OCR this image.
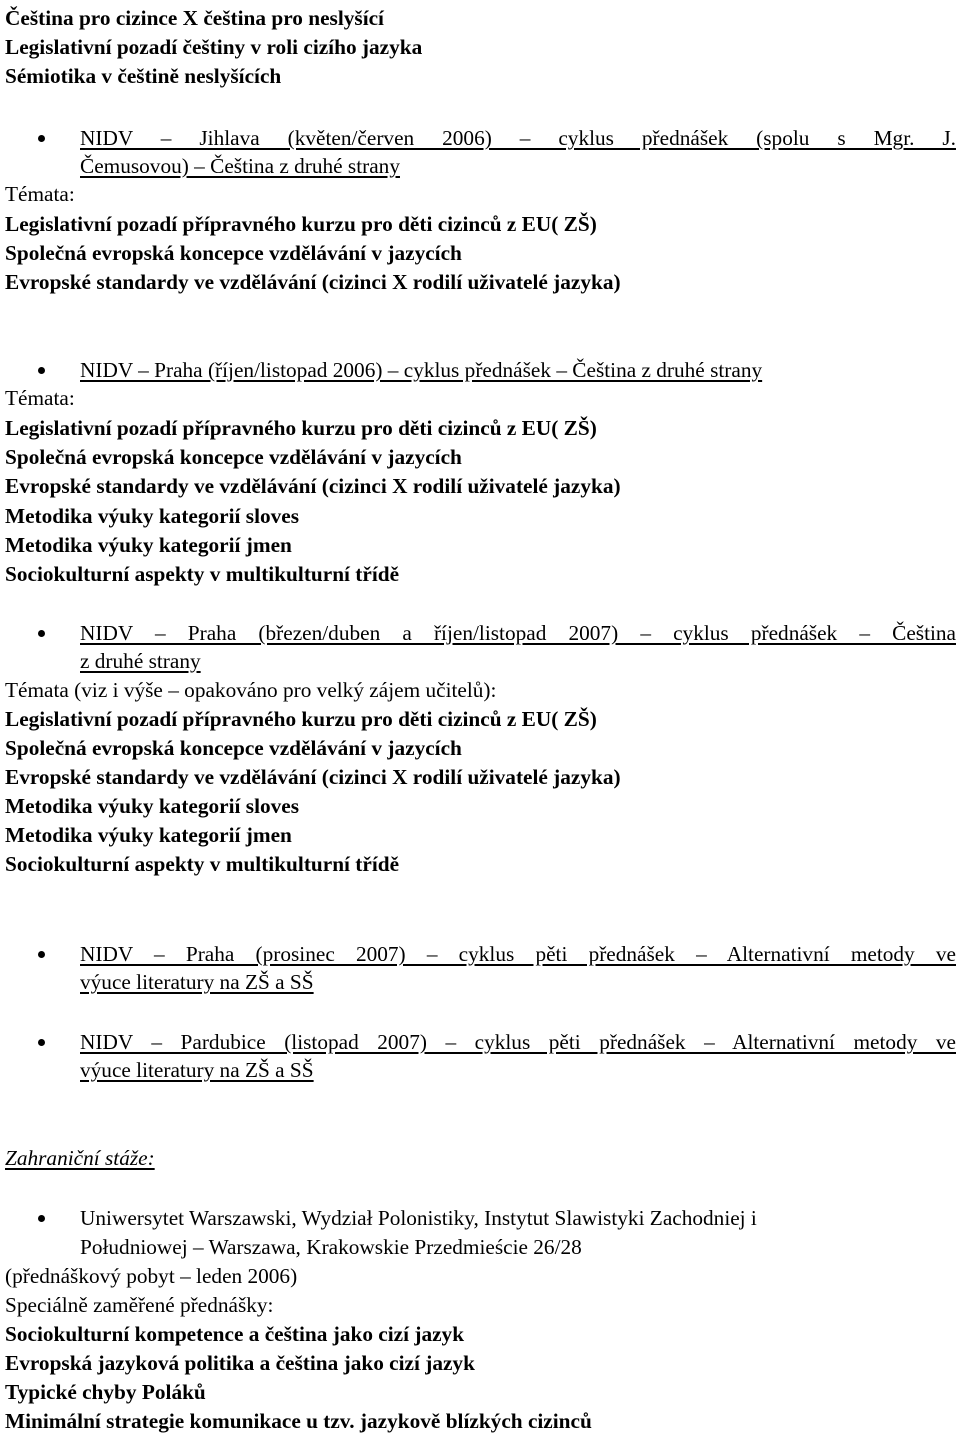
Čeština pro cizince X čeština pro neslyšící
Legislativní pozadí češtiny v roli cizího jazyka
Sémiotika v češtině neslyšících
NIDV – Jihlava (květen/červen 2006) – cyklus přednášek (spolu s Mgr. J.
Čemusovou) – Čeština z druhé strany
Témata:
Legislativní pozadí přípravného kurzu pro děti cizinců z EU( ZŠ)
Společná evropská koncepce vzdělávání v jazycích
Evropské standardy ve vzdělávání (cizinci X rodilí uživatelé jazyka)
NIDV – Praha (říjen/listopad 2006) – cyklus přednášek – Čeština z druhé strany
Témata:
Legislativní pozadí přípravného kurzu pro děti cizinců z EU( ZŠ)
Společná evropská koncepce vzdělávání v jazycích
Evropské standardy ve vzdělávání (cizinci X rodilí uživatelé jazyka)
Metodika výuky kategorií sloves
Metodika výuky kategorií jmen
Sociokulturní aspekty v multikulturní třídě
NIDV – Praha (březen/duben a říjen/listopad 2007) – cyklus přednášek – Čeština
z druhé strany
Témata (viz i výše – opakováno pro velký zájem učitelů):
Legislativní pozadí přípravného kurzu pro děti cizinců z EU( ZŠ)
Společná evropská koncepce vzdělávání v jazycích
Evropské standardy ve vzdělávání (cizinci X rodilí uživatelé jazyka)
Metodika výuky kategorií sloves
Metodika výuky kategorií jmen
Sociokulturní aspekty v multikulturní třídě
NIDV – Praha (prosinec 2007) – cyklus pěti přednášek – Alternativní metody ve
výuce literatury na ZŠ a SŠ
NIDV – Pardubice (listopad 2007) – cyklus pěti přednášek – Alternativní metody ve
výuce literatury na ZŠ a SŠ
Zahraniční stáže:
Uniwersytet Warszawski, Wydział Polonistiky, Instytut Slawistyki Zachodniej i
Południowej – Warszawa, Krakowskie Przedmieście 26/28
(přednáškový pobyt – leden 2006)
Speciálně zaměřené přednášky:
Sociokulturní kompetence a čeština jako cizí jazyk
Evropská jazyková politika a čeština jako cizí jazyk
Typické chyby Poláků
Minimální strategie komunikace u tzv. jazykově blízkých cizinců
